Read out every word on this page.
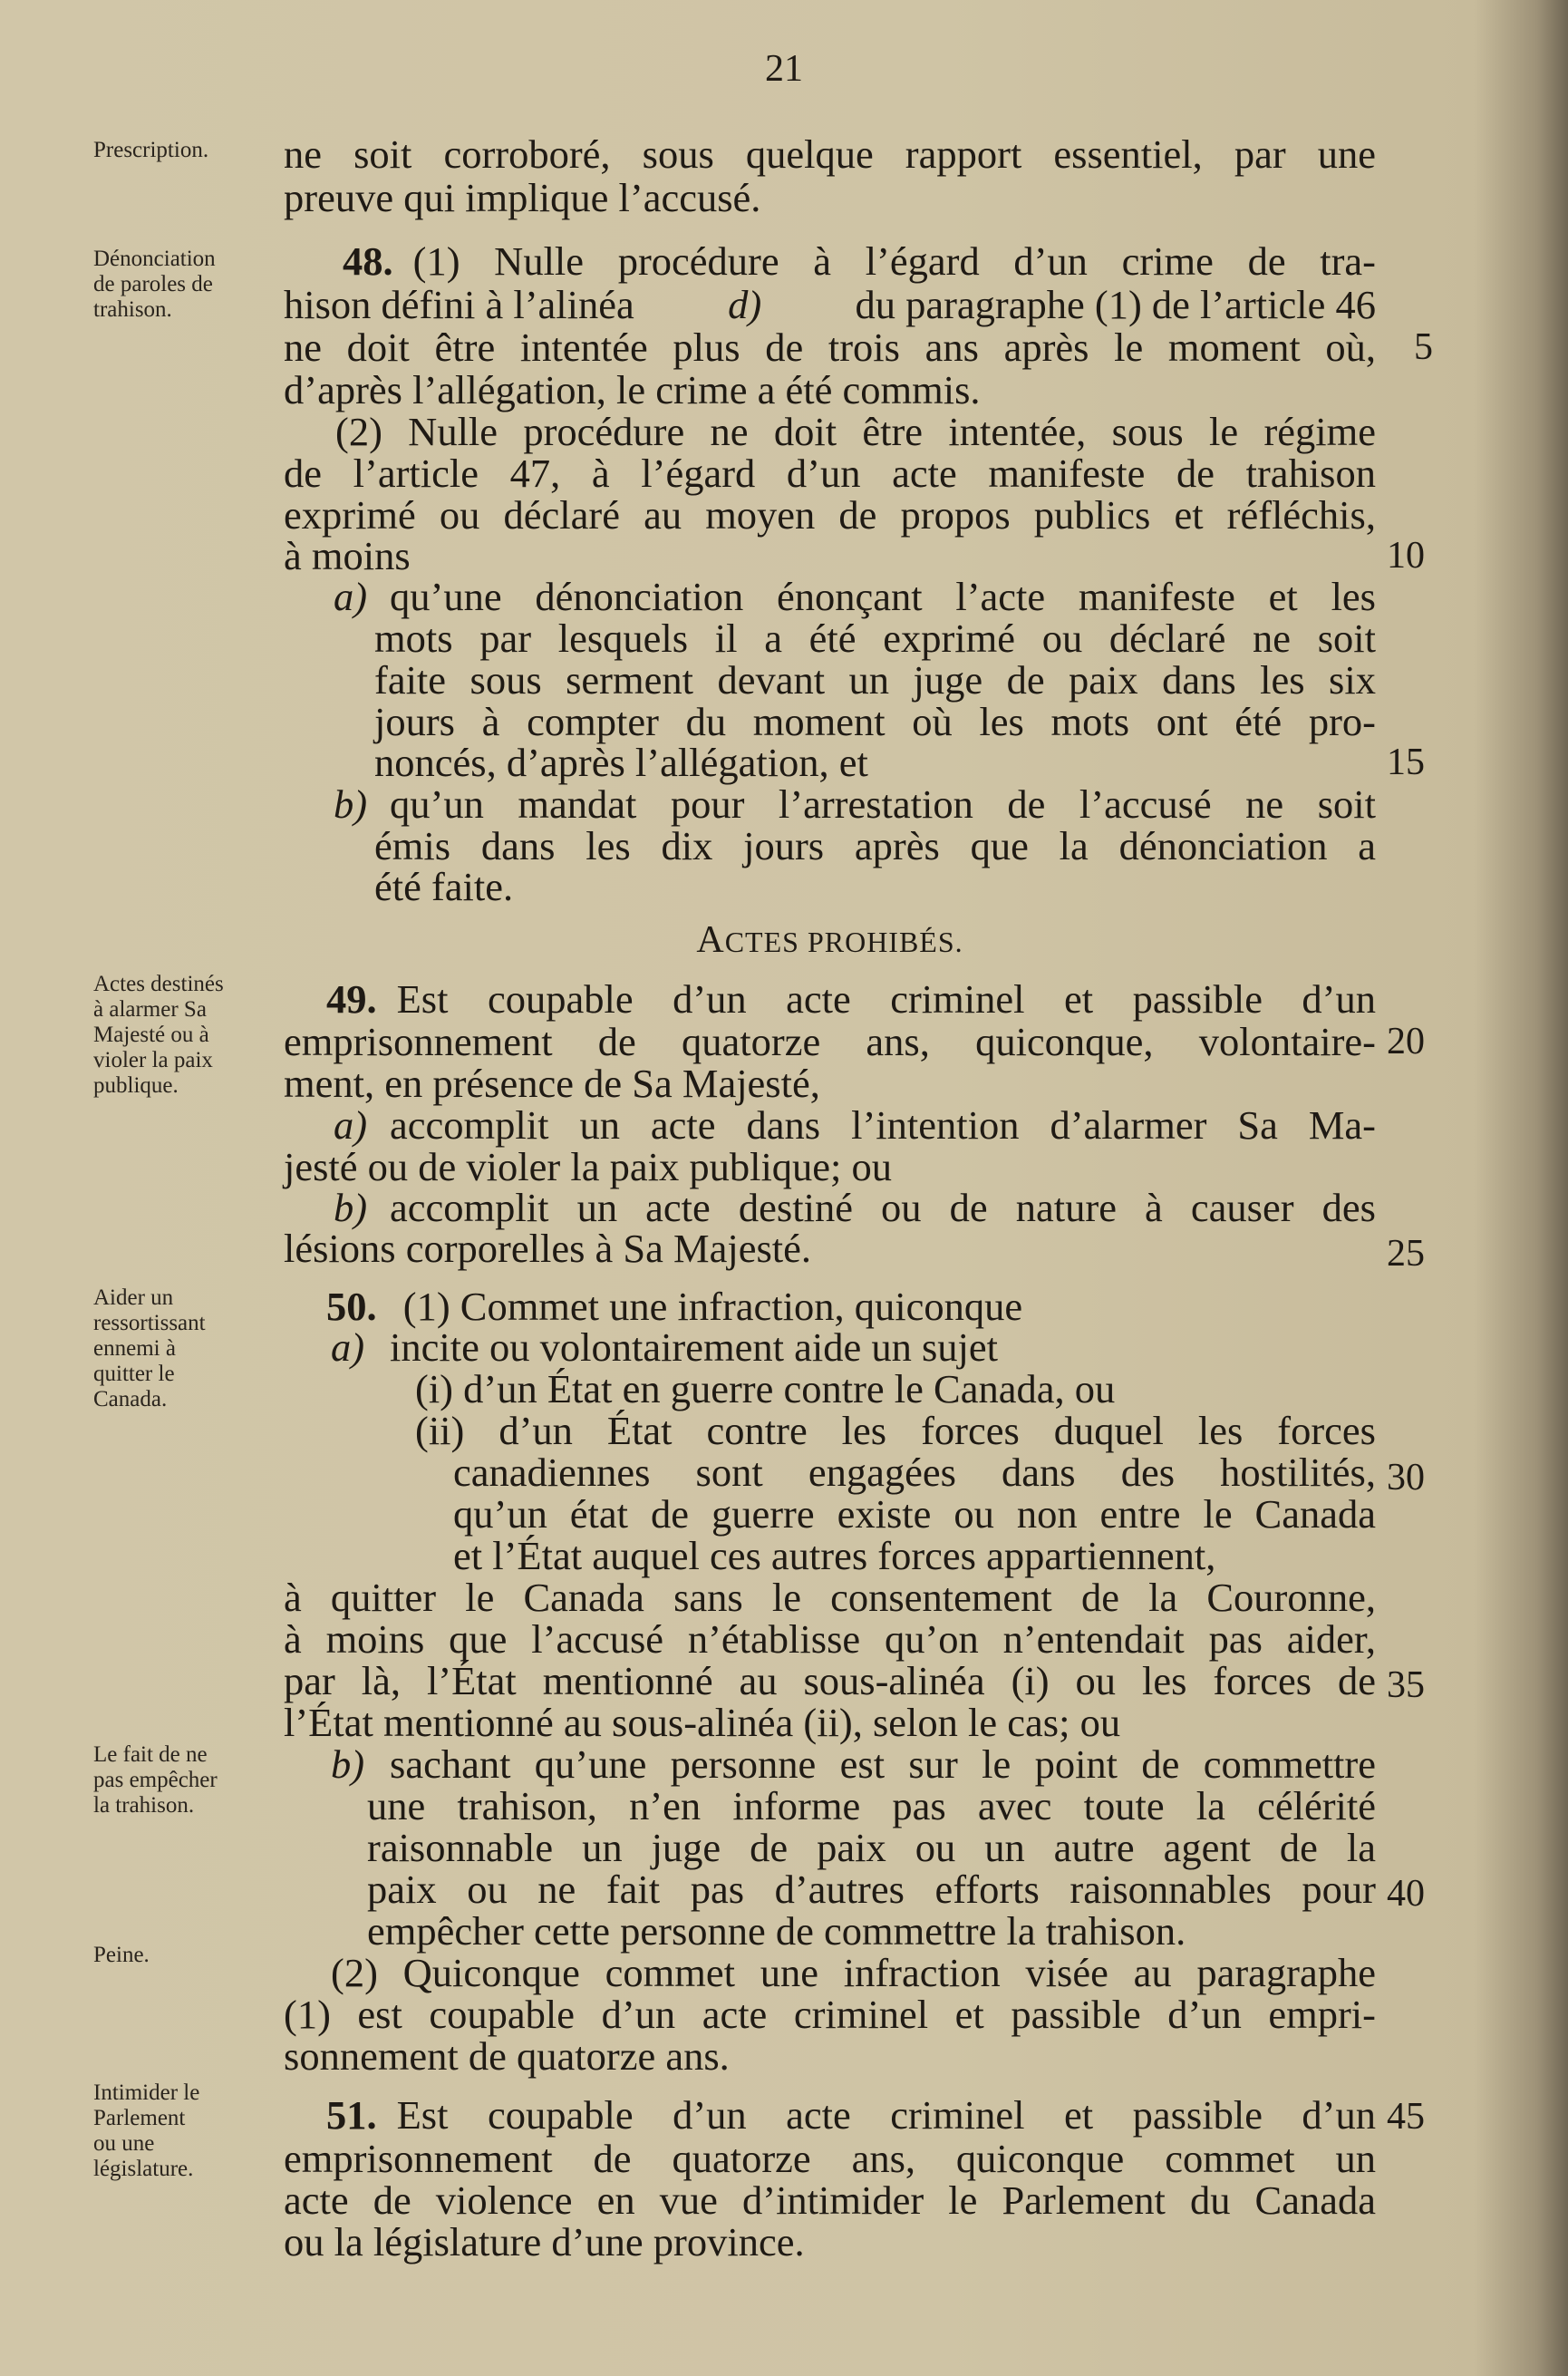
21
Prescription.
Dénonciation
de paroles de
trahison.
Actes destinés
à alarmer Sa
Majesté ou à
violer la paix
publique.
Aider un
ressortissant
ennemi à
quitter le
Canada.
Le fait de ne
pas empêcher
la trahison.
Peine.
Intimider le
Parlement
ou une
législature.
ne soit corroboré, sous quelque rapport essentiel, par une
preuve qui implique l’accusé.
48. (1) Nulle procédure à l’égard d’un crime de tra-
hison défini à l’alinéa d) du paragraphe (1) de l’article 46
ne doit être intentée plus de trois ans après le moment où,
d’après l’allégation, le crime a été commis.
(2) Nulle procédure ne doit être intentée, sous le régime
de l’article 47, à l’égard d’un acte manifeste de trahison
exprimé ou déclaré au moyen de propos publics et réfléchis,
à moins
a) qu’une dénonciation énonçant l’acte manifeste et les
mots par lesquels il a été exprimé ou déclaré ne soit
faite sous serment devant un juge de paix dans les six
jours à compter du moment où les mots ont été pro-
noncés, d’après l’allégation, et
b) qu’un mandat pour l’arrestation de l’accusé ne soit
émis dans les dix jours après que la dénonciation a
été faite.
ACTES PROHIBÉS.
49. Est coupable d’un acte criminel et passible d’un
emprisonnement de quatorze ans, quiconque, volontaire-
ment, en présence de Sa Majesté,
a) accomplit un acte dans l’intention d’alarmer Sa Ma-
jesté ou de violer la paix publique; ou
b) accomplit un acte destiné ou de nature à causer des
lésions corporelles à Sa Majesté.
50. (1) Commet une infraction, quiconque
a) incite ou volontairement aide un sujet
(i) d’un État en guerre contre le Canada, ou
(ii) d’un État contre les forces duquel les forces
canadiennes sont engagées dans des hostilités,
qu’un état de guerre existe ou non entre le Canada
et l’État auquel ces autres forces appartiennent,
à quitter le Canada sans le consentement de la Couronne,
à moins que l’accusé n’établisse qu’on n’entendait pas aider,
par là, l’État mentionné au sous-alinéa (i) ou les forces de
l’État mentionné au sous-alinéa (ii), selon le cas; ou
b) sachant qu’une personne est sur le point de commettre
une trahison, n’en informe pas avec toute la célérité
raisonnable un juge de paix ou un autre agent de la
paix ou ne fait pas d’autres efforts raisonnables pour
empêcher cette personne de commettre la trahison.
(2) Quiconque commet une infraction visée au paragraphe
(1) est coupable d’un acte criminel et passible d’un empri-
sonnement de quatorze ans.
51. Est coupable d’un acte criminel et passible d’un
emprisonnement de quatorze ans, quiconque commet un
acte de violence en vue d’intimider le Parlement du Canada
ou la législature d’une province.
5
10
15
20
25
30
35
40
45
